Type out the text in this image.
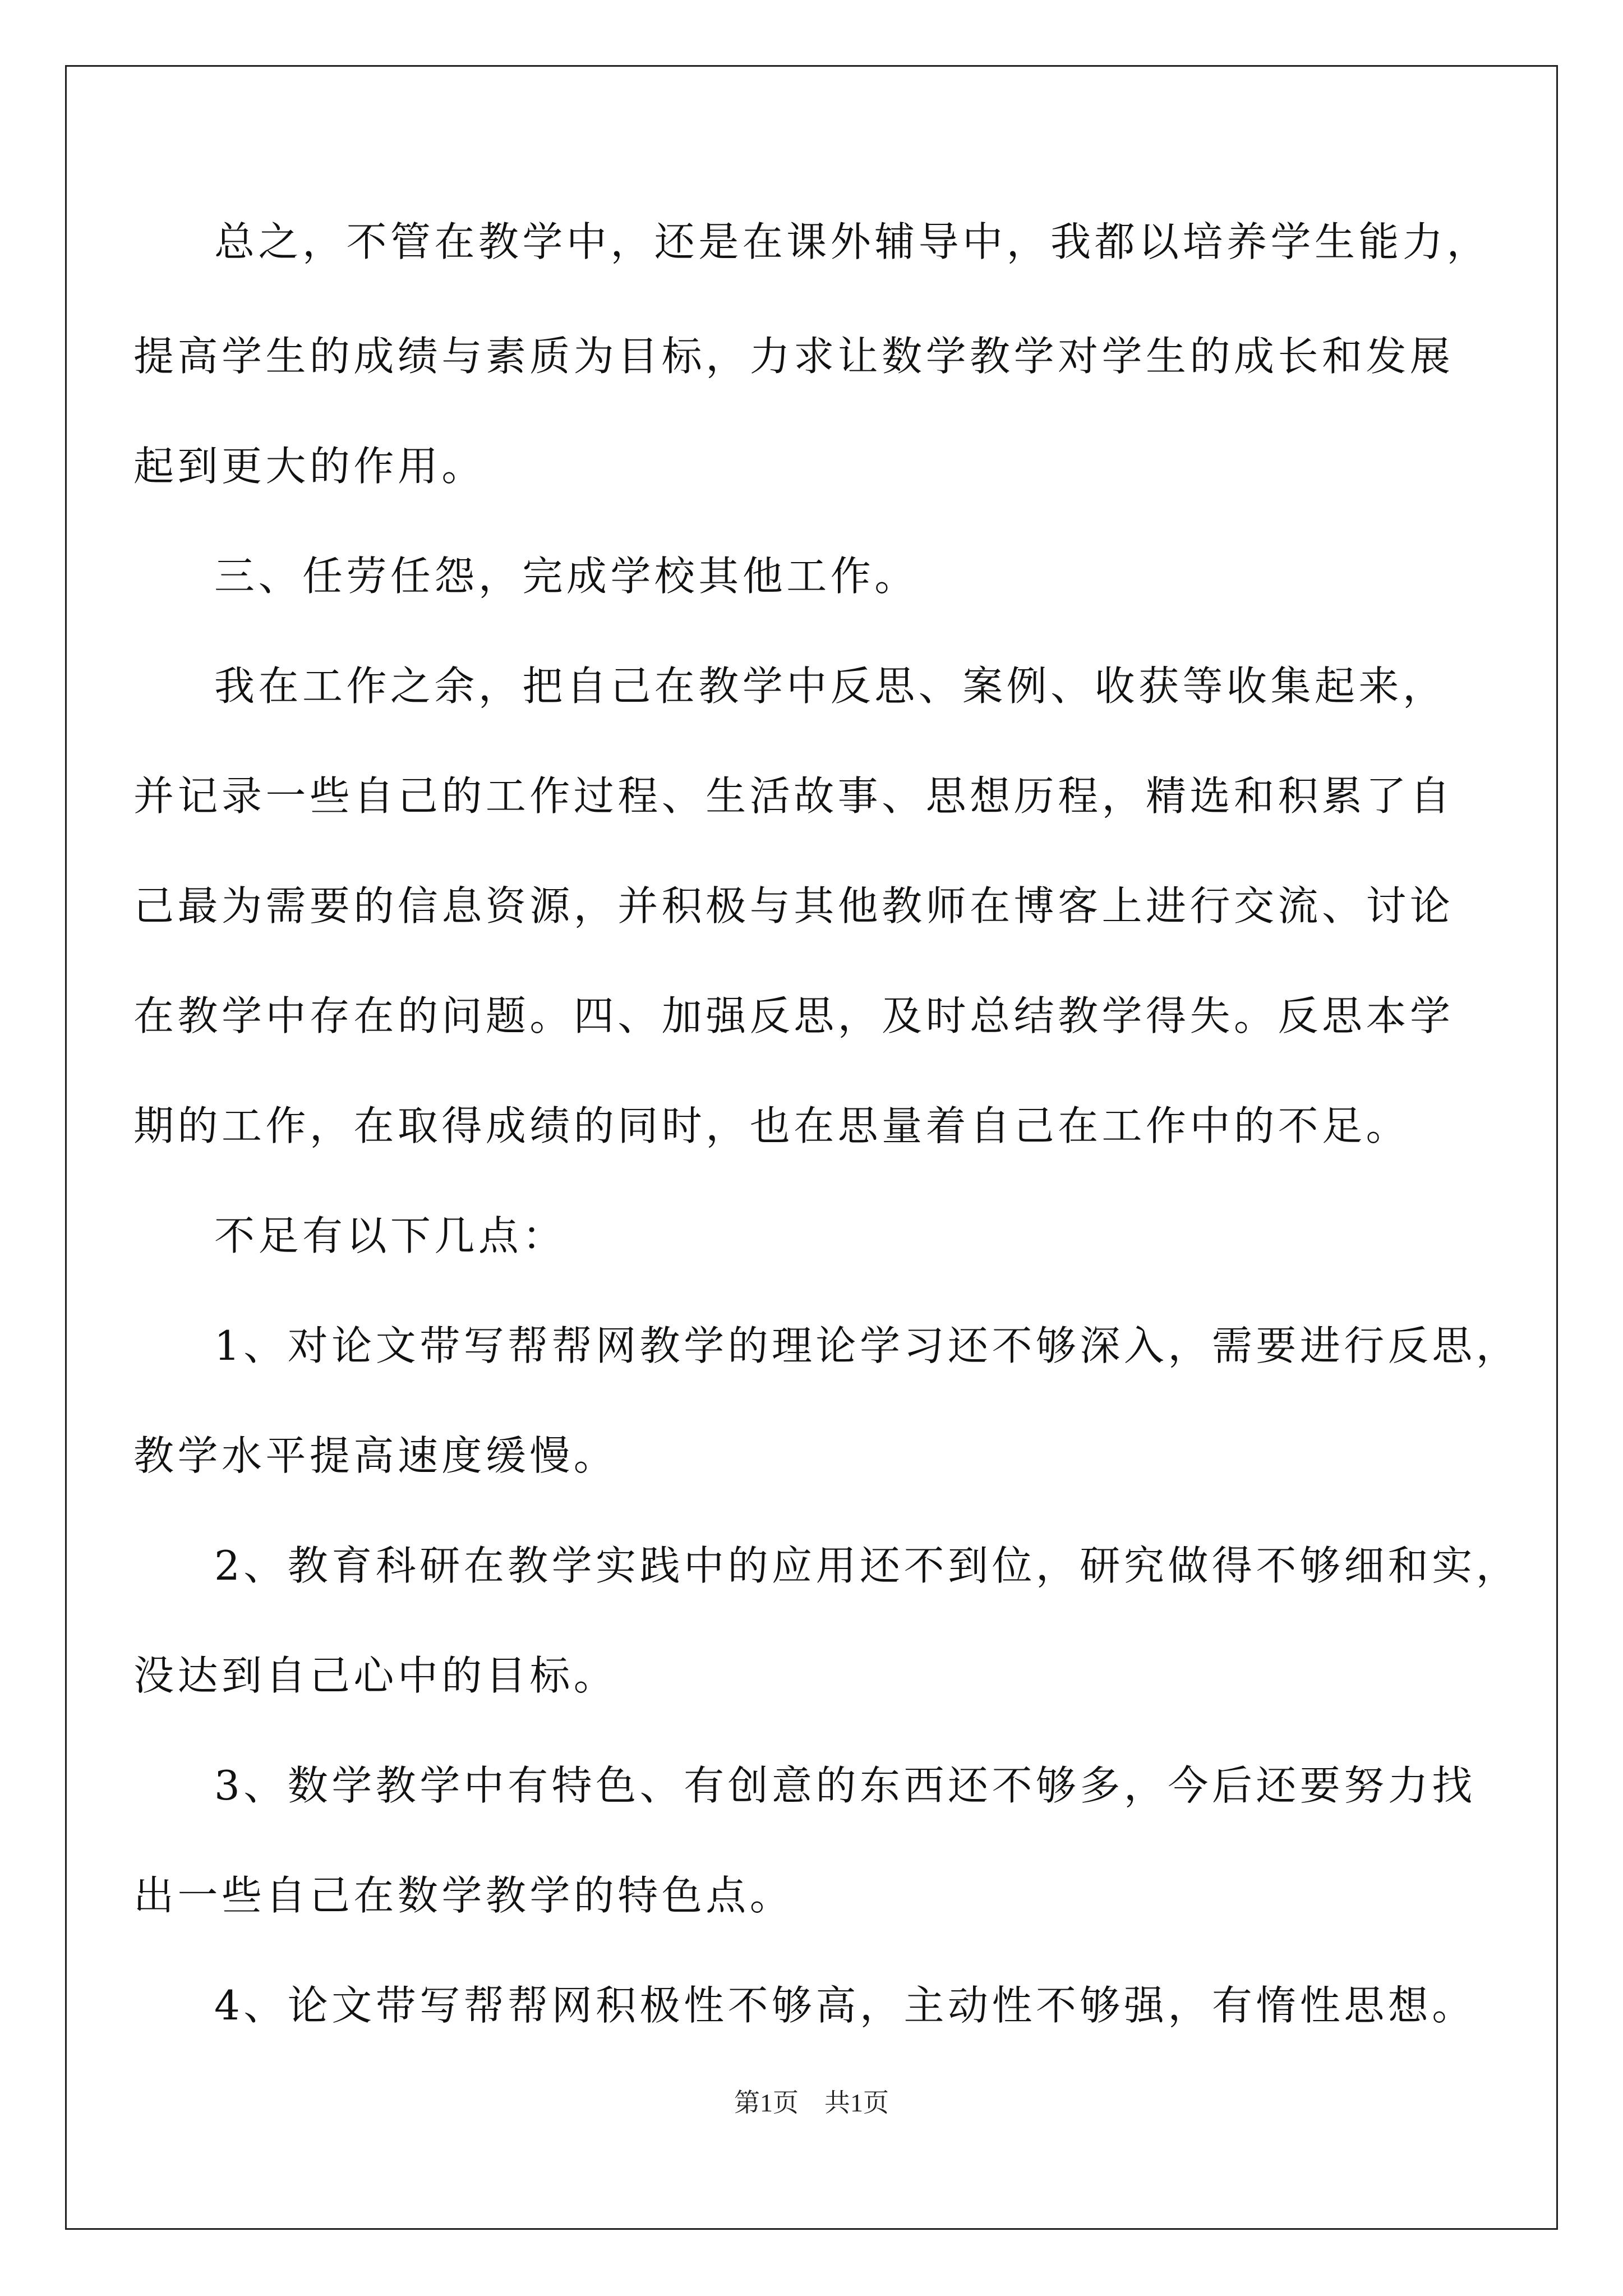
总之，不管在教学中，还是在课外辅导中，我都以培养学生能力，
提高学生的成绩与素质为目标，力求让数学教学对学生的成长和发展
起到更大的作用。
三、任劳任怨，完成学校其他工作。
我在工作之余，把自己在教学中反思、案例、收获等收集起来，
并记录一些自己的工作过程、生活故事、思想历程，精选和积累了自
己最为需要的信息资源，并积极与其他教师在博客上进行交流、讨论
在教学中存在的问题。四、加强反思，及时总结教学得失。反思本学
期的工作，在取得成绩的同时，也在思量着自己在工作中的不足。
不足有以下几点：
1、对论文带写帮帮网教学的理论学习还不够深入，需要进行反思，
教学水平提高速度缓慢。
2、教育科研在教学实践中的应用还不到位，研究做得不够细和实，
没达到自己心中的目标。
3、数学教学中有特色、有创意的东西还不够多，今后还要努力找
出一些自己在数学教学的特色点。
4、论文带写帮帮网积极性不够高，主动性不够强，有惰性思想。
第1页　共1页
